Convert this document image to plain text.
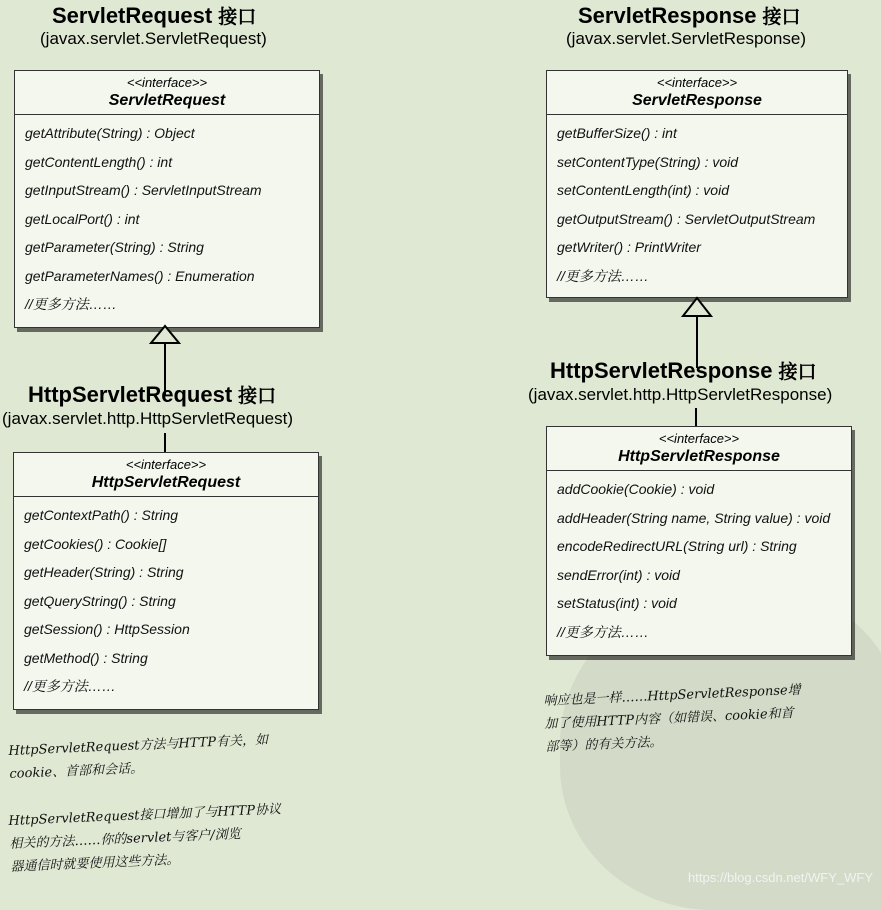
ServletRequest 接口
(javax.servlet.ServletRequest)
<<interface>>
ServletRequest
getAttribute(String) : Object
getContentLength() : int
getInputStream() : ServletInputStream
getLocalPort() : int
getParameter(String) : String
getParameterNames() : Enumeration
//更多方法……
HttpServletRequest 接口
(javax.servlet.http.HttpServletRequest)
<<interface>>
HttpServletRequest
getContextPath() : String
getCookies() : Cookie[]
getHeader(String) : String
getQueryString() : String
getSession() : HttpSession
getMethod() : String
//更多方法……
ServletResponse 接口
(javax.servlet.ServletResponse)
<<interface>>
ServletResponse
getBufferSize() : int
setContentType(String) : void
setContentLength(int) : void
getOutputStream() : ServletOutputStream
getWriter() : PrintWriter
//更多方法……
HttpServletResponse 接口
(javax.servlet.http.HttpServletResponse)
<<interface>>
HttpServletResponse
addCookie(Cookie) : void
addHeader(String name, String value) : void
encodeRedirectURL(String url) : String
sendError(int) : void
setStatus(int) : void
//更多方法……
HttpServletRequest方法与HTTP有关，如
cookie、首部和会话。
HttpServletRequest接口增加了与HTTP协议
相关的方法……你的servlet与客户/浏览
器通信时就要使用这些方法。
响应也是一样……HttpServletResponse增
加了使用HTTP内容（如错误、cookie和首
部等）的有关方法。
https://blog.csdn.net/WFY_WFY
